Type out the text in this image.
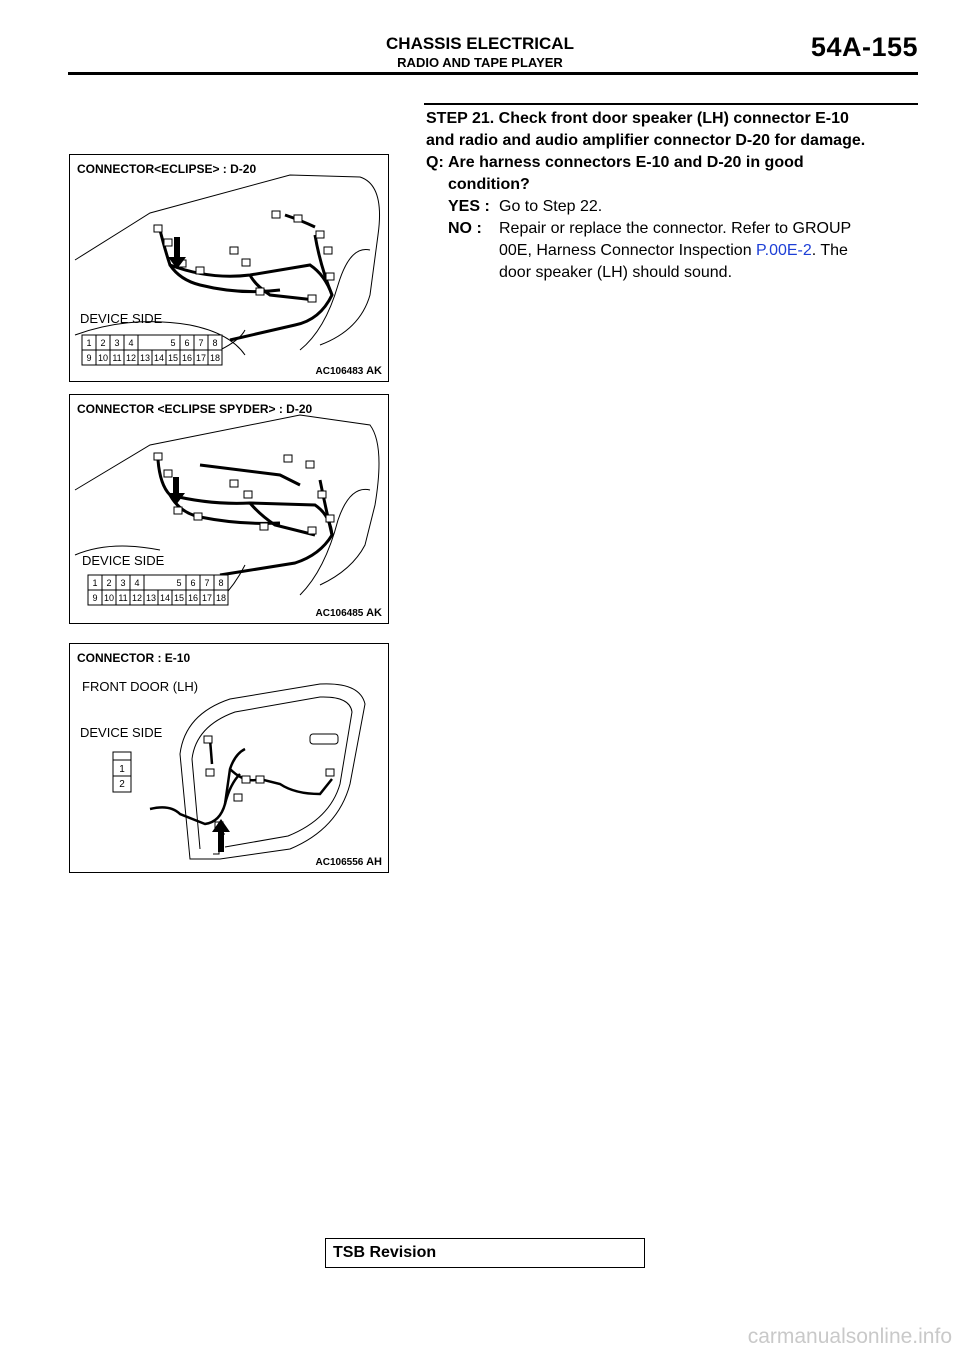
CHASSIS ELECTRICAL
RADIO AND TAPE PLAYER
54A-155
1 2 3 4	5 6 7 8
9 10 11 12 13 14 15 16 17 18
CONNECTOR<ECLIPSE> : D-20
DEVICE SIDE
AC106483 AK
1 2 3 4	5 6 7 8
9 10 11 12 13 14 15 16 17 18
CONNECTOR <ECLIPSE SPYDER> : D-20
DEVICE SIDE
AC106485 AK
1
2
CONNECTOR : E-10
FRONT DOOR (LH)
DEVICE SIDE
AC106556 AH
STEP 21. Check front door speaker (LH) connector E-10
and radio and audio amplifier connector D-20 for damage.
Q: Are harness connectors E-10 and D-20 in good
condition?
YES : Go to Step 22.
NO : Repair or replace the connector. Refer to GROUP
00E, Harness Connector Inspection P.00E-2. The
door speaker (LH) should sound.
TSB Revision
carmanualsonline.info
